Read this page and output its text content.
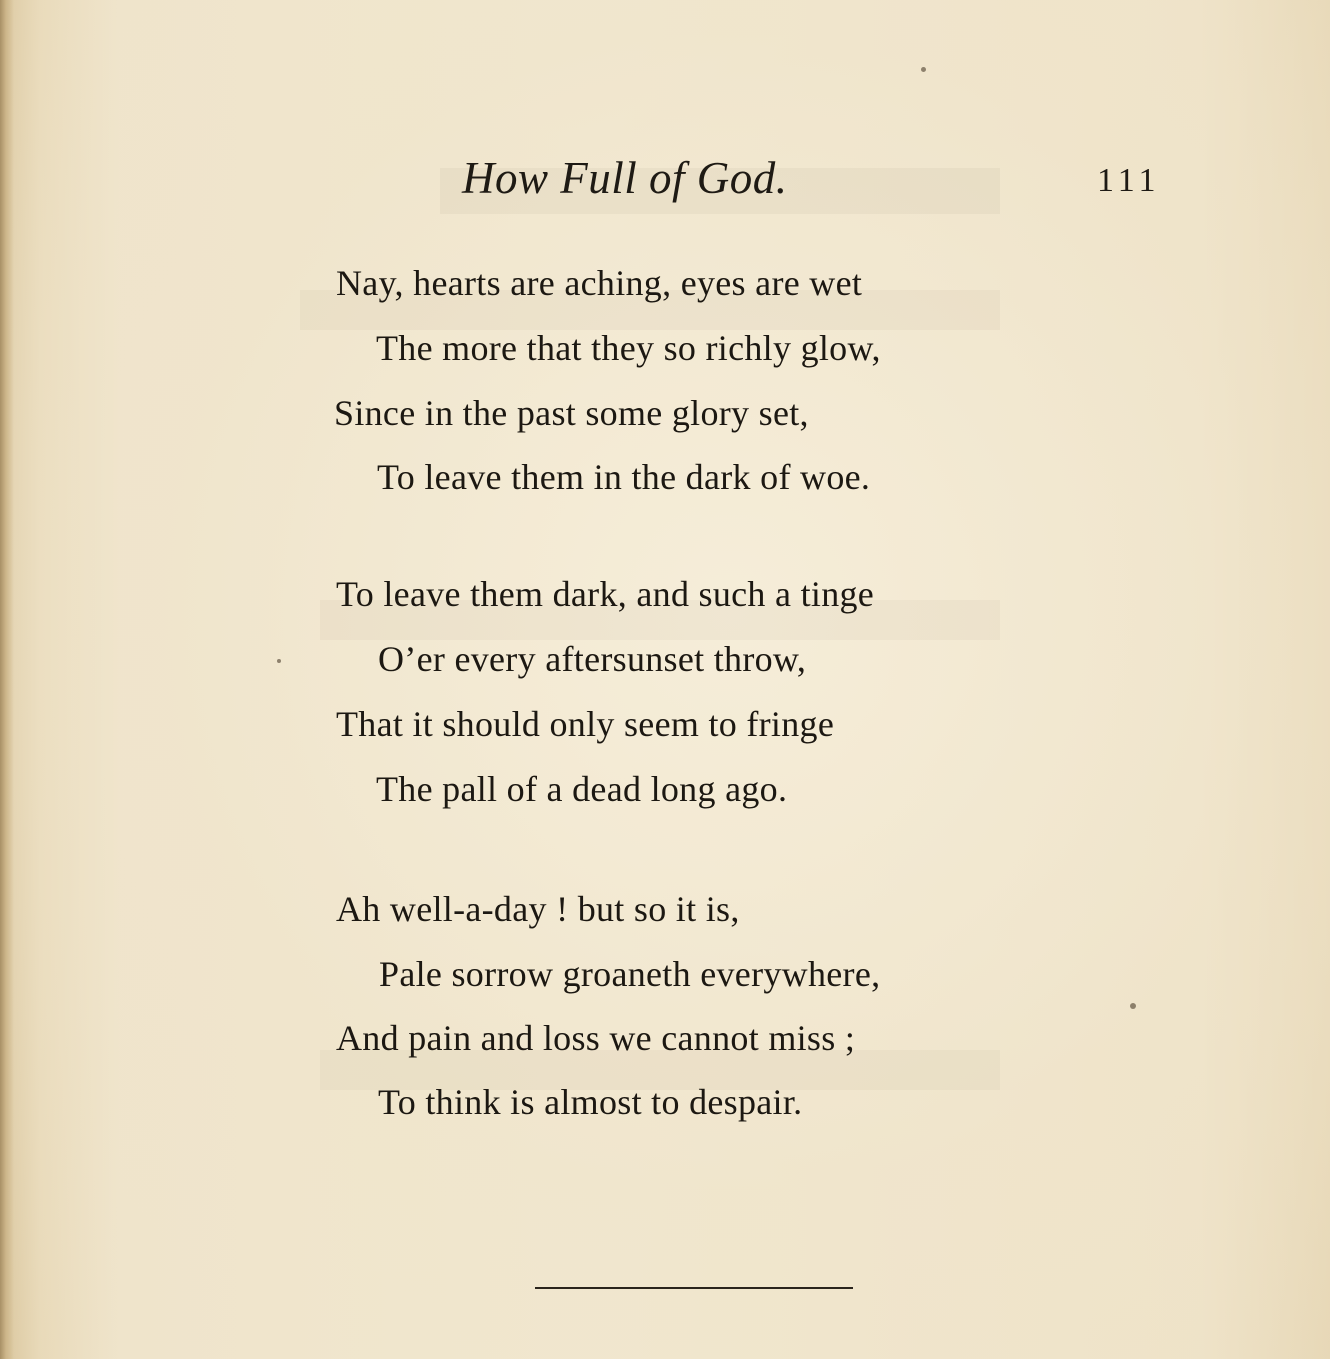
How Full of God.	111
Nay, hearts are aching, eyes are wet
The more that they so richly glow,
Since in the past some glory set,
To leave them in the dark of woe.
To leave them dark, and such a tinge
O’er every aftersunset throw,
That it should only seem to fringe
The pall of a dead long ago.
Ah well-a-day ! but so it is,
Pale sorrow groaneth everywhere,
And pain and loss we cannot miss ;
To think is almost to despair.
